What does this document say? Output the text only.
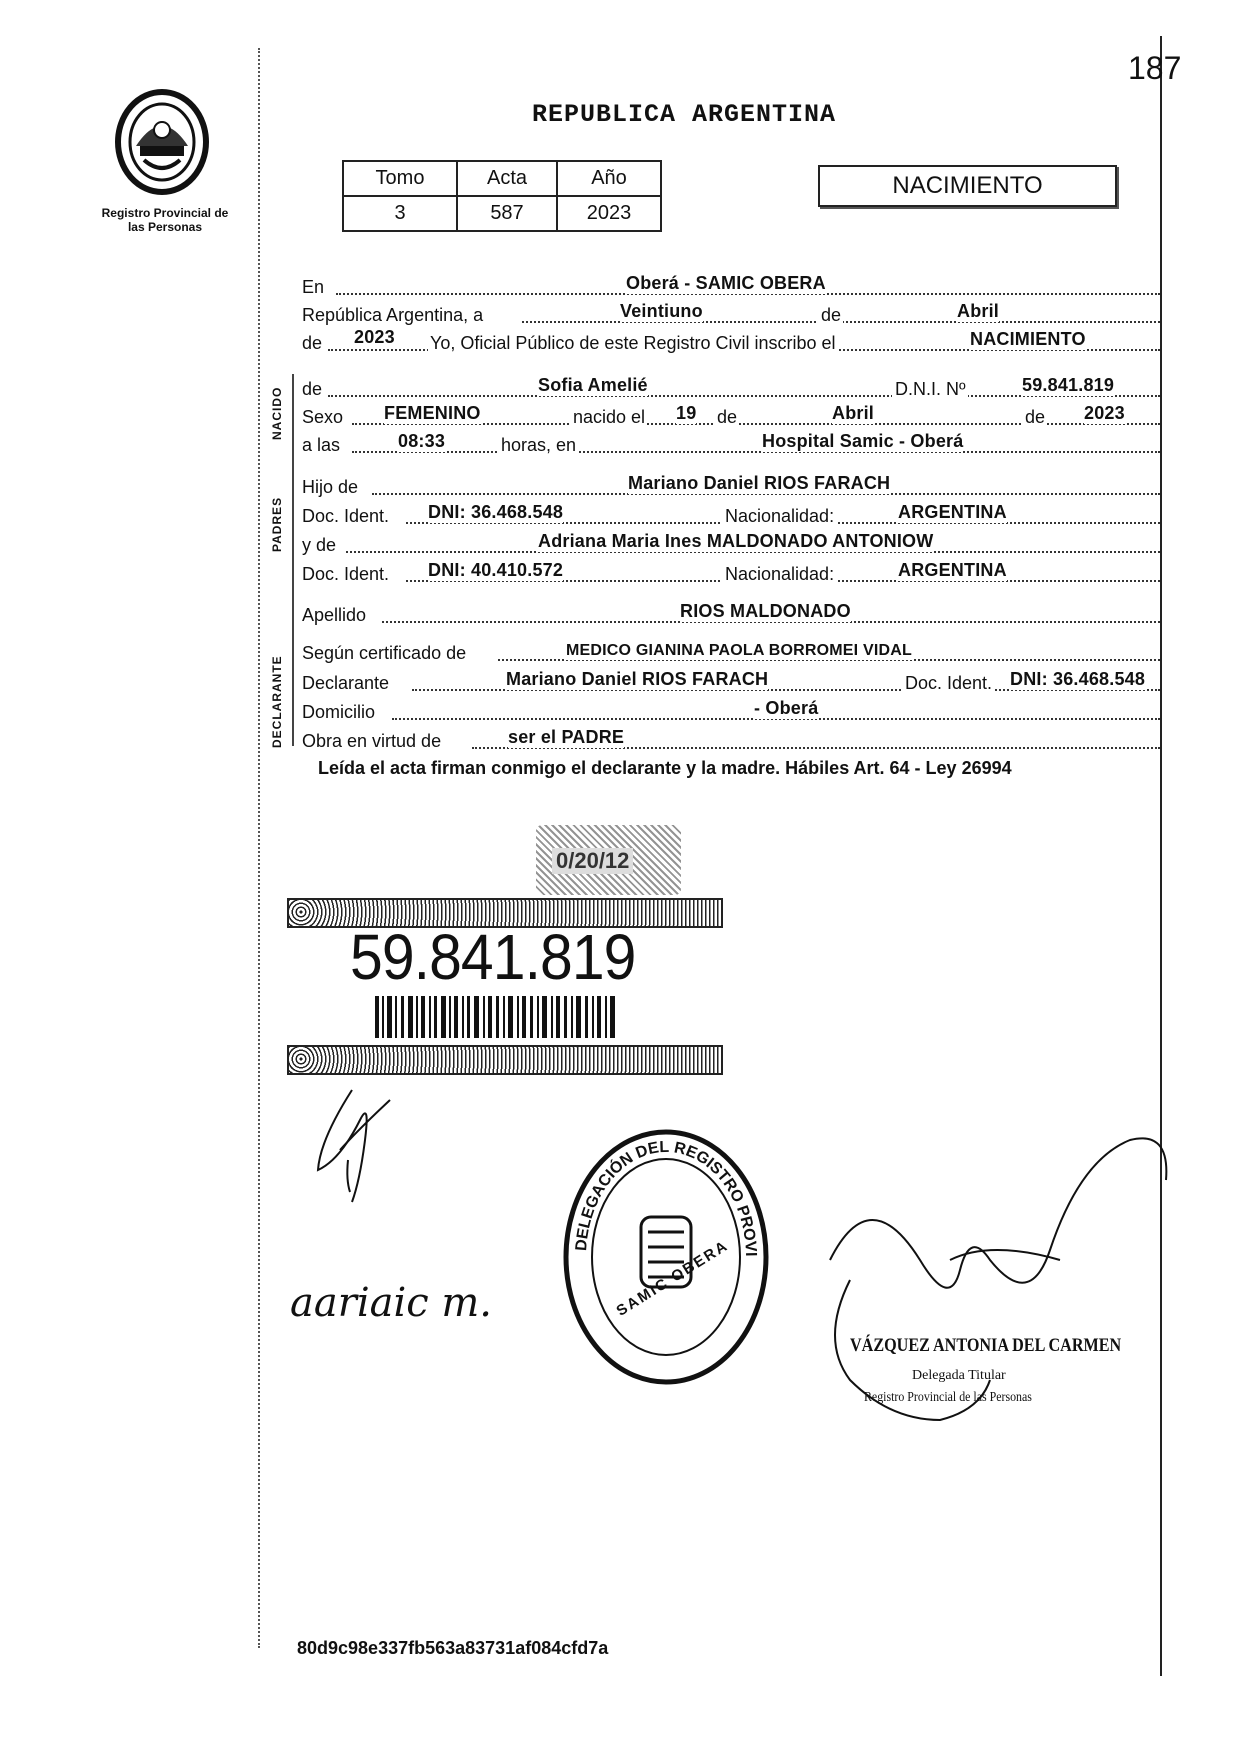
187
REPUBLICA ARGENTINA
Registro Provincial de las Personas
Tomo	Acta	Año
3	587	2023
NACIMIENTO
NACIDO
PADRES
DECLARANTE
En	Oberá - SAMIC OBERA
República Argentina, a	Veintiuno	de	Abril
de 2023 Yo, Oficial Público de este Registro Civil inscribo el	NACIMIENTO
de	Sofia Amelié	D.N.I. Nº	59.841.819
Sexo FEMENINO	nacido el 19 de	Abril	de 2023
a las	08:33	horas, en	Hospital Samic - Oberá
Hijo de	Mariano Daniel RIOS FARACH
Doc. Ident. DNI: 36.468.548	Nacionalidad:	ARGENTINA
y de	Adriana Maria Ines MALDONADO ANTONIOW
Doc. Ident. DNI: 40.410.572	Nacionalidad:	ARGENTINA
Apellido	RIOS MALDONADO
Según certificado de	MEDICO GIANINA PAOLA BORROMEI VIDAL
Declarante	Mariano Daniel RIOS FARACH	Doc. Ident. DNI: 36.468.548
Domicilio	- Oberá
Obra en virtud de	ser el PADRE
Leída el acta firman conmigo el declarante y la madre. Hábiles Art. 64 - Ley 26994
0/20/12
59.841.819
aariaic m.
DELEGACIÓN DEL REGISTRO PROVI
SAMIC OBERA
VÁZQUEZ ANTONIA DEL CARMEN
Delegada Titular
Registro Provincial de las Personas
80d9c98e337fb563a83731af084cfd7a
